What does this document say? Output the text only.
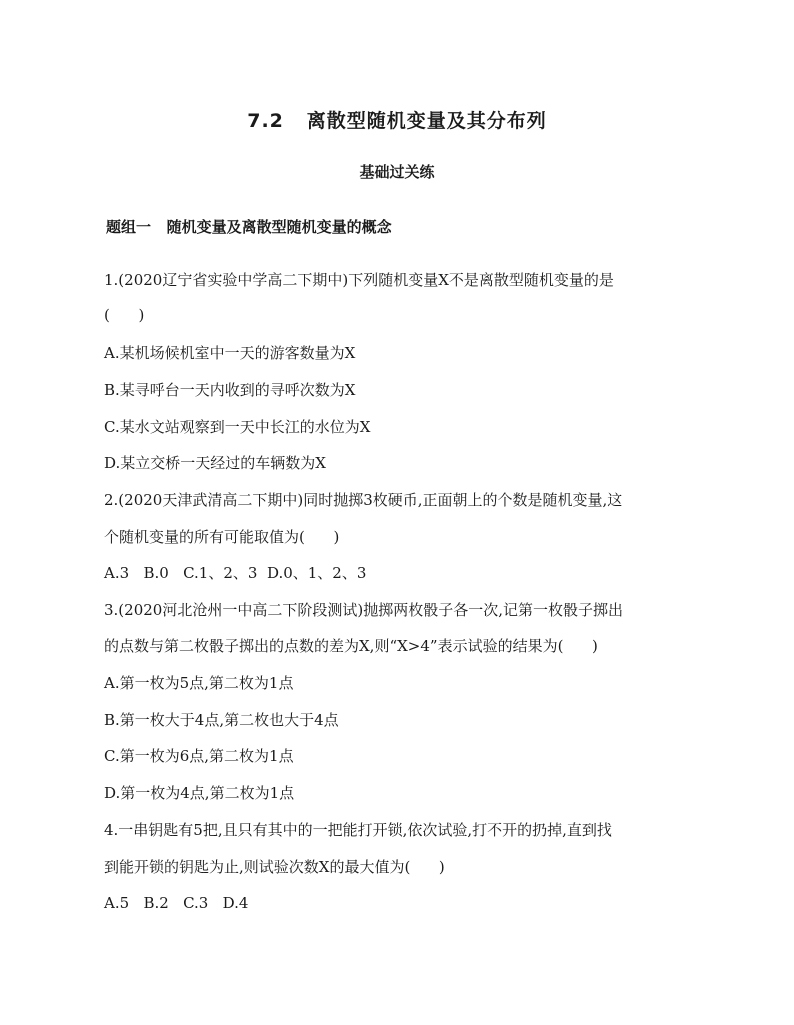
7.2   离散型随机变量及其分布列
基础过关练
题组一   随机变量及离散型随机变量的概念
1.(2020辽宁省实验中学高二下期中)下列随机变量X不是离散型随机变量的是
(      )
A.某机场候机室中一天的游客数量为X
B.某寻呼台一天内收到的寻呼次数为X
C.某水文站观察到一天中长江的水位为X
D.某立交桥一天经过的车辆数为X
2.(2020天津武清高二下期中)同时抛掷3枚硬币,正面朝上的个数是随机变量,这
个随机变量的所有可能取值为(      )
A.3   B.0   C.1、2、3  D.0、1、2、3
3.(2020河北沧州一中高二下阶段测试)抛掷两枚骰子各一次,记第一枚骰子掷出
的点数与第二枚骰子掷出的点数的差为X,则“X>4”表示试验的结果为(      )
A.第一枚为5点,第二枚为1点
B.第一枚大于4点,第二枚也大于4点
C.第一枚为6点,第二枚为1点
D.第一枚为4点,第二枚为1点
4.一串钥匙有5把,且只有其中的一把能打开锁,依次试验,打不开的扔掉,直到找
到能开锁的钥匙为止,则试验次数X的最大值为(      )
A.5   B.2   C.3   D.4
